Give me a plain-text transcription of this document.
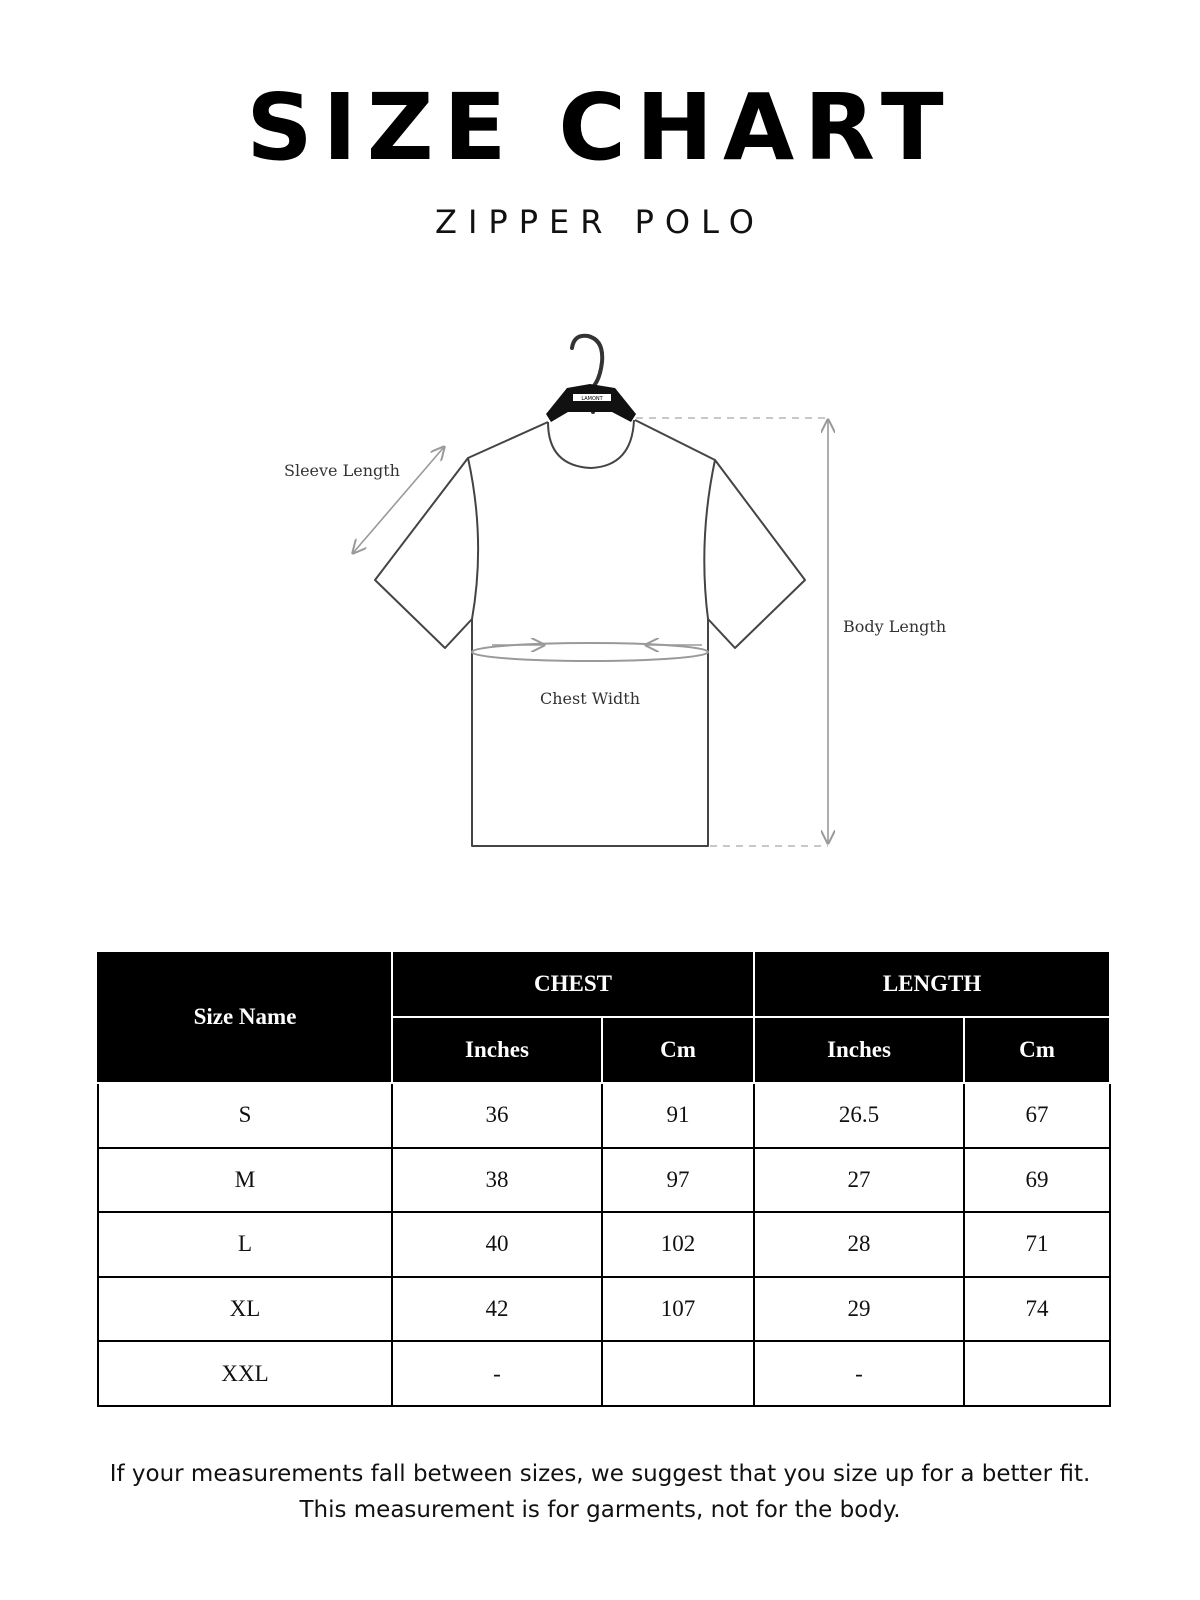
SIZE CHART
ZIPPER POLO
LAMONT
Sleeve Length
Body Length
Chest Width
Size Name	CHEST		LENGTH	
	Inches	Cm	Inches	Cm
S	36	91	26.5	67
M	38	97	27	69
L	40	102	28	71
XL	42	107	29	74
XXL	-		-	
If your measurements fall between sizes, we suggest that you size up for a better fit.
This measurement is for garments, not for the body.
